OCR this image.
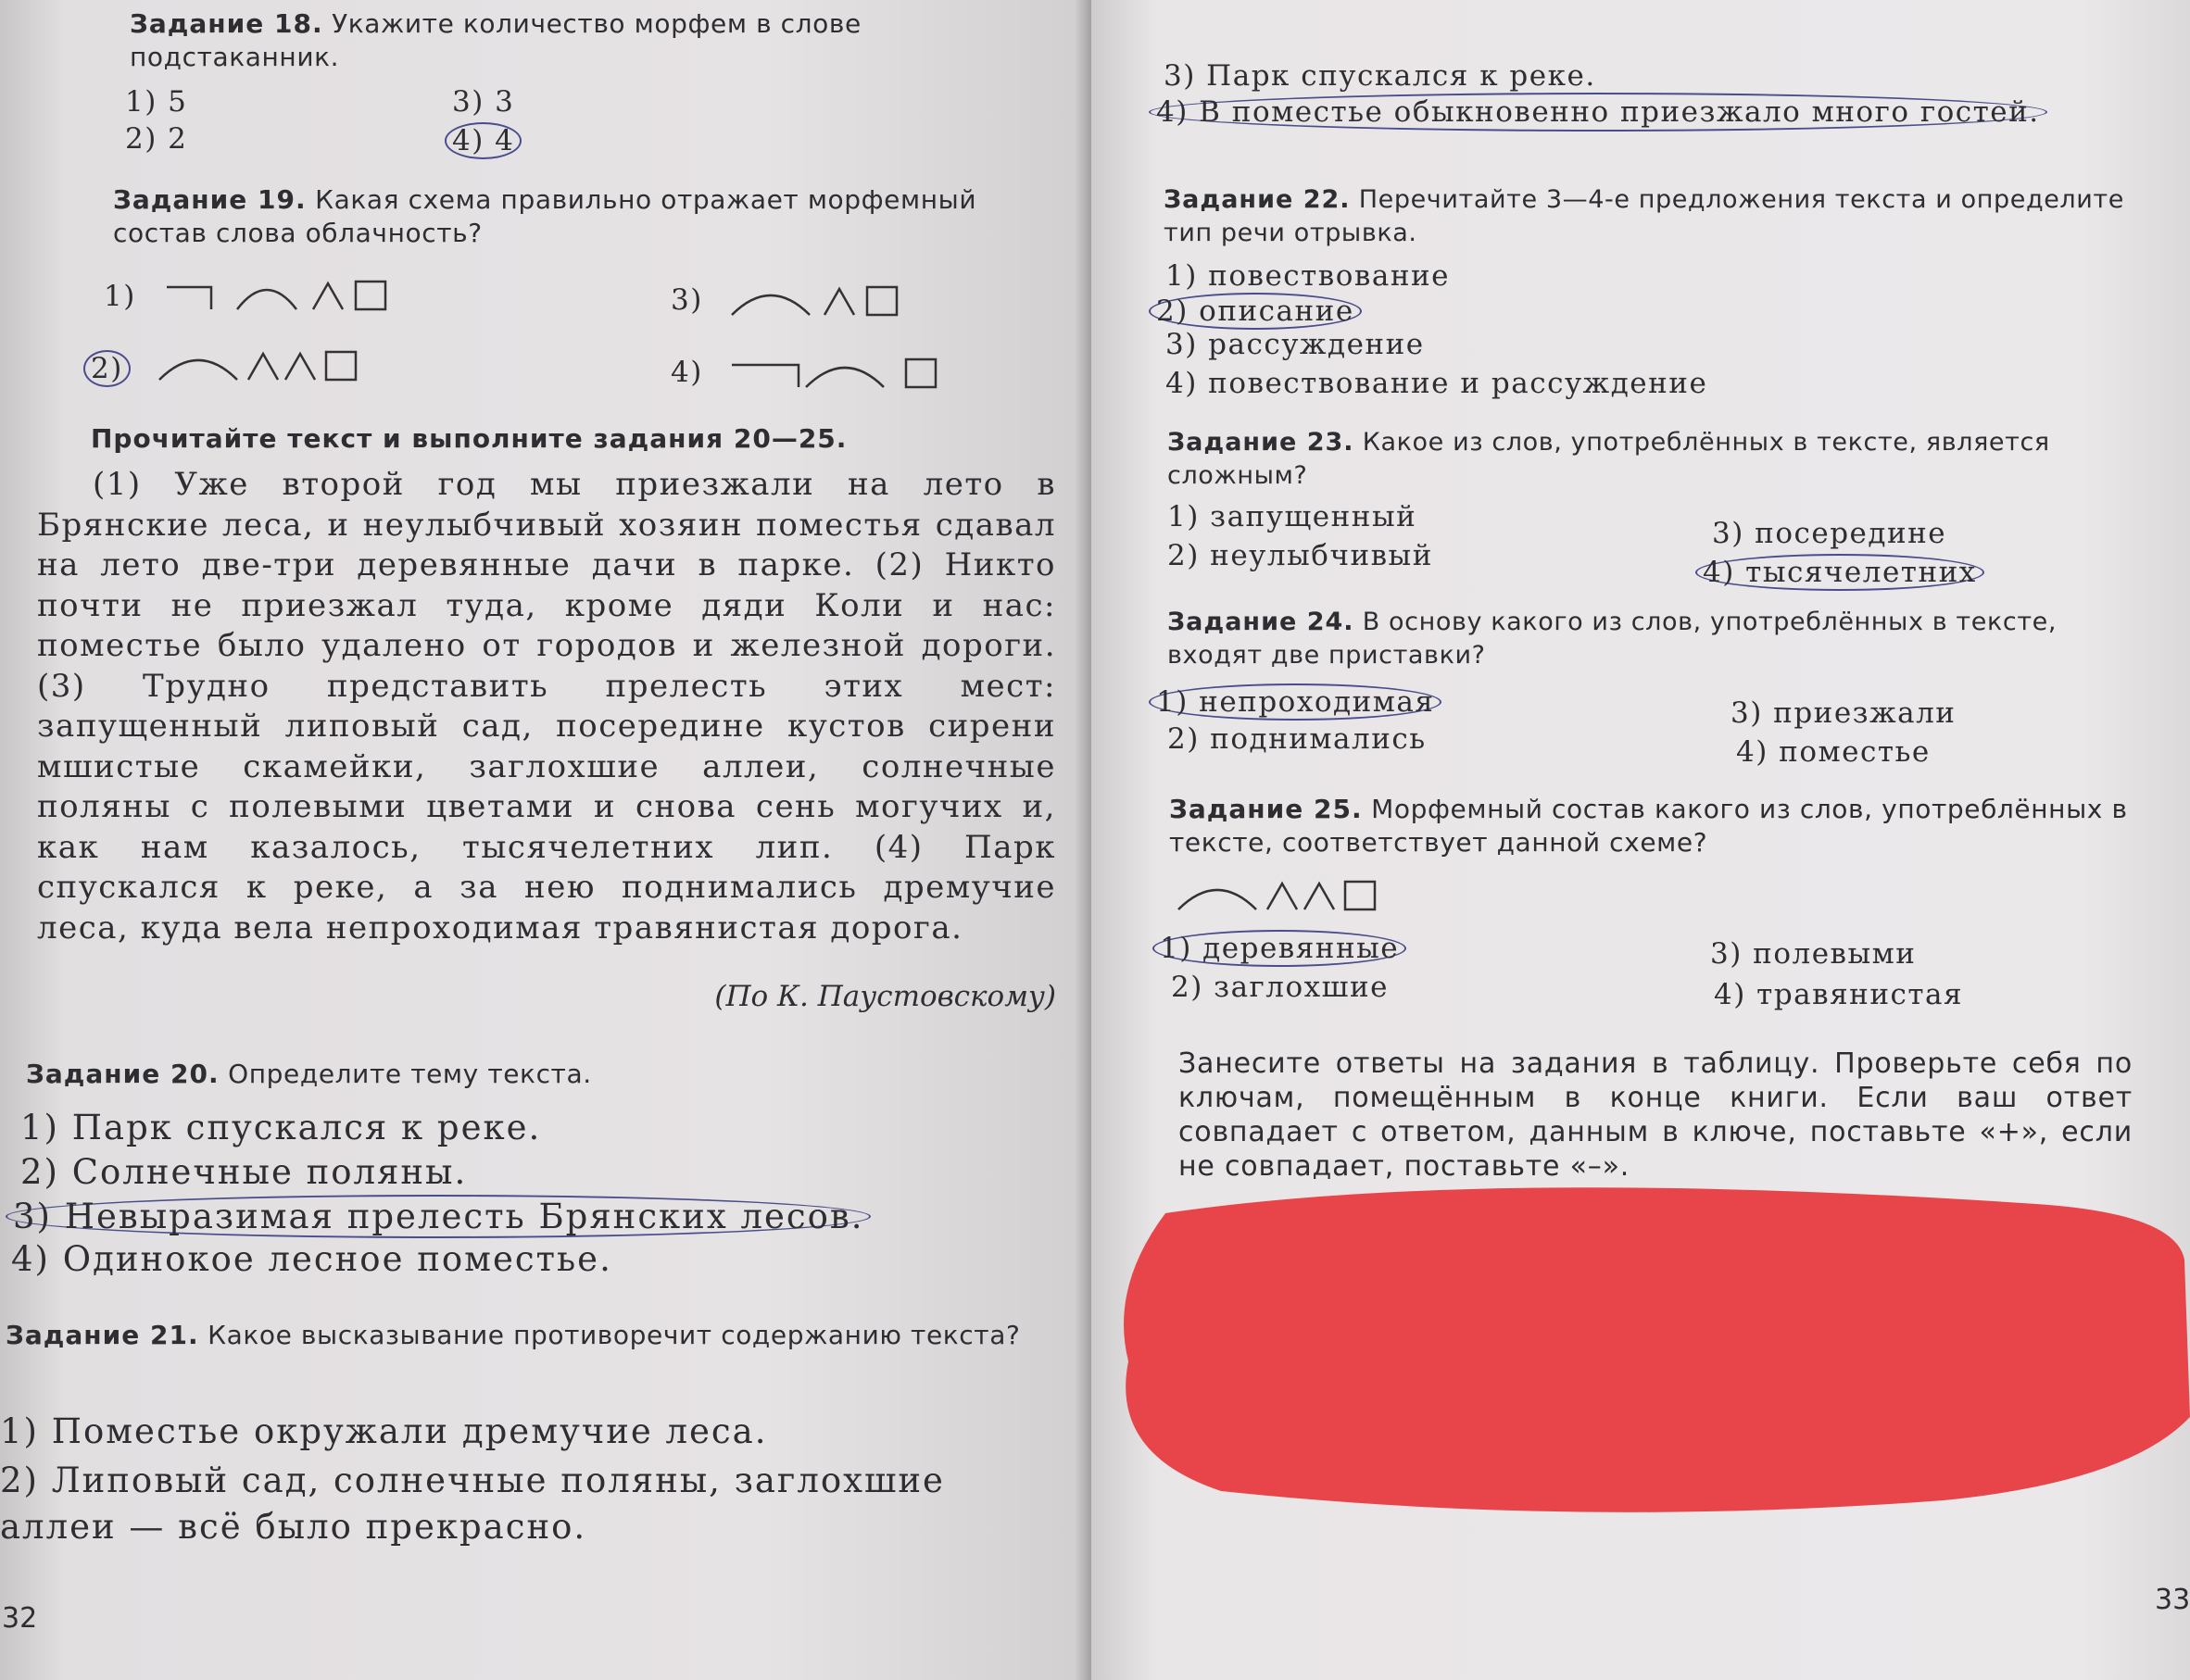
Задание 18. Укажите количество морфем в слове подстаканник.
1) 5
2) 2
3) 3
4) 4
Задание 19. Какая схема правильно отражает морфемный состав слова облачность?
1)
2)
3)
4)
Прочитайте текст и выполните задания 20—25.
(1) Уже второй год мы приезжали на лето в Брянские леса, и неулыбчивый хозяин поместья сдавал на лето две-три деревянные дачи в парке. (2) Никто почти не приезжал туда, кроме дяди Коли и нас: поместье было удалено от городов и железной дороги. (3) Трудно представить прелесть этих мест: запущенный липовый сад, посередине кустов сирени мшистые скамейки, заглохшие аллеи, солнечные поляны с полевыми цветами и снова сень могучих и, как нам казалось, тысячелетних лип. (4) Парк спускался к реке, а за нею поднимались дремучие леса, куда вела непроходимая травянистая дорога.
(По К. Паустовскому)
Задание 20. Определите тему текста.
1) Парк спускался к реке.
2) Солнечные поляны.
3) Невыразимая прелесть Брянских лесов.
4) Одинокое лесное поместье.
Задание 21. Какое высказывание противоречит содержанию текста?
1) Поместье окружали дремучие леса.
2) Липовый сад, солнечные поляны, заглохшие аллеи — всё было прекрасно.
32
3) Парк спускался к реке.
4) В поместье обыкновенно приезжало много гостей.
Задание 22. Перечитайте 3—4-е предложения текста и определите тип речи отрывка.
1) повествование
2) описание
3) рассуждение
4) повествование и рассуждение
Задание 23. Какое из слов, употреблённых в тексте, является сложным?
1) запущенный
2) неулыбчивый
3) посередине
4) тысячелетних
Задание 24. В основу какого из слов, употреблённых в тексте, входят две приставки?
1) непроходимая
2) поднимались
3) приезжали
4) поместье
Задание 25. Морфемный состав какого из слов, употреблённых в тексте, соответствует данной схеме?
1) деревянные
2) заглохшие
3) полевыми
4) травянистая
Занесите ответы на задания в таблицу. Проверьте себя по ключам, помещённым в конце книги. Если ваш ответ совпадает с ответом, данным в ключе, поставьте «+», если не совпадает, поставьте «–».
33
